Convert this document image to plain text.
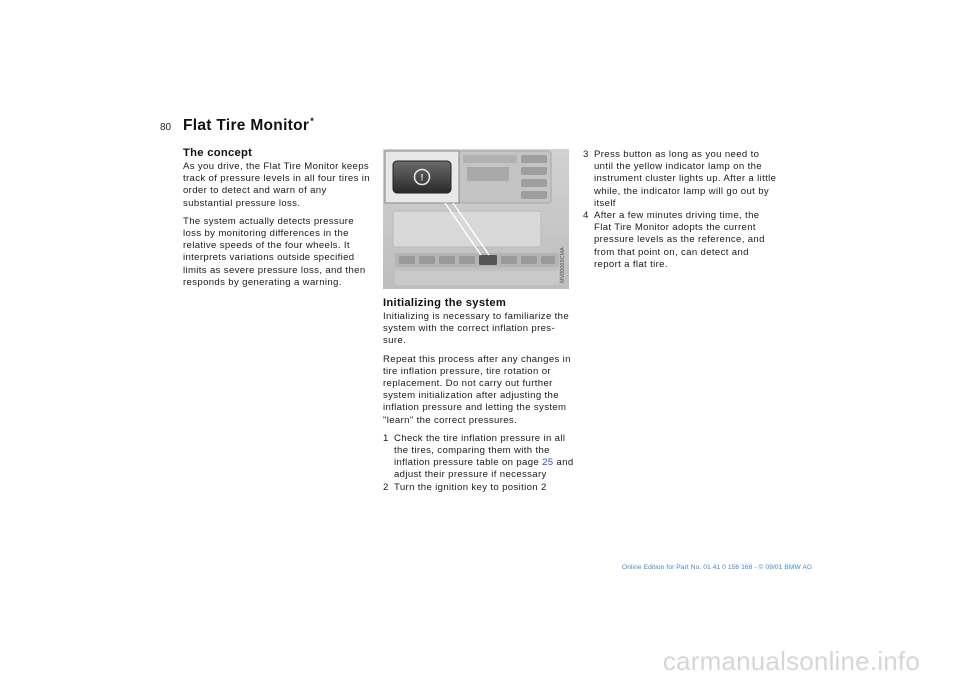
80 Flat Tire Monitor*
The concept

As you drive, the Flat Tire Monitor keeps track of pressure levels in all four tires in order to detect and warn of any substantial pressure loss.

The system actually detects pressure loss by monitoring differences in the relative speeds of the four wheels. It interprets variations outside specified limits as severe pressure loss, and then responds by generating a warning.

!
MV00003CMA
Initializing the system

Initializing is necessary to familiarize the system with the correct inflation pres-sure.

Repeat this process after any changes in tire inflation pressure, tire rotation or replacement. Do not carry out further system initialization after adjusting the inflation pressure and letting the system "learn" the correct pressures.

1 Check the tire inflation pressure in all the tires, comparing them with the inflation pressure table on page 25 and adjust their pressure if necessary
2 Turn the ignition key to position 2
3 Press button as long as you need to until the yellow indicator lamp on the instrument cluster lights up. After a little while, the indicator lamp will go out by itself
4 After a few minutes driving time, the Flat Tire Monitor adopts the current pressure levels as the reference, and from that point on, can detect and report a flat tire.
Online Edition for Part No. 01 41 0 156 168 - © 09/01 BMW AG
carmanualsonline.info
